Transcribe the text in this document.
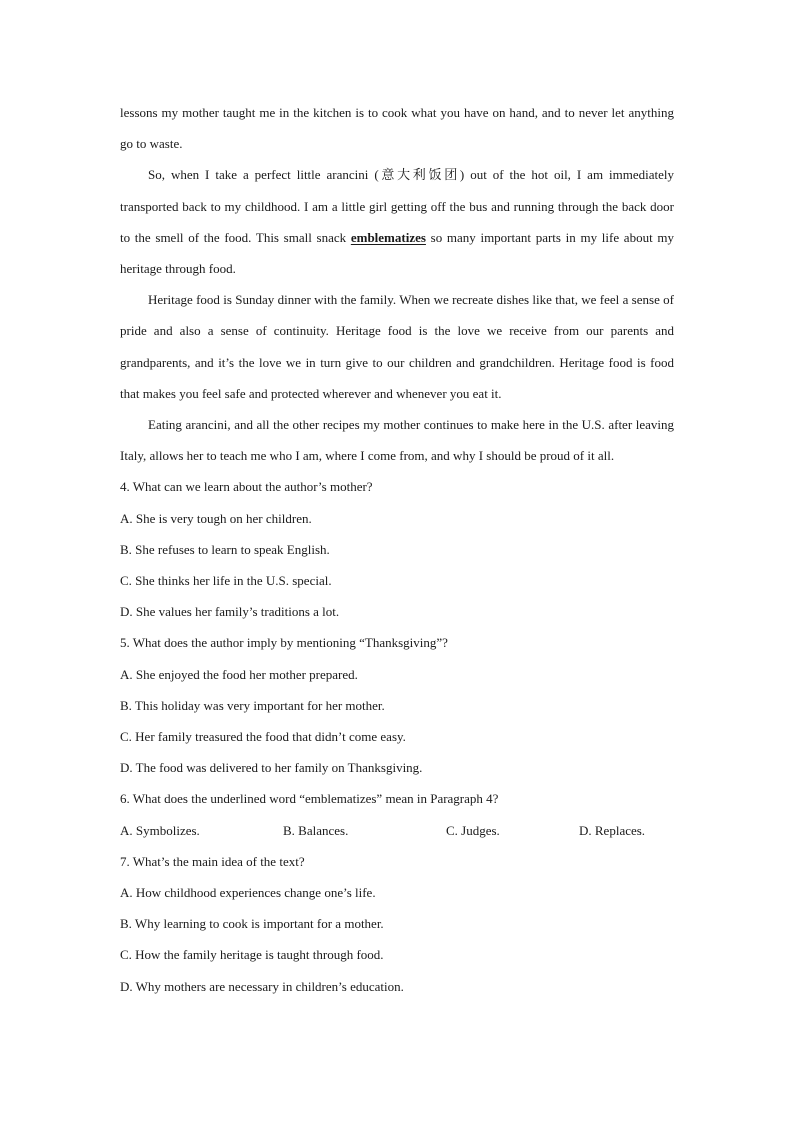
lessons my mother taught me in the kitchen is to cook what you have on hand, and to never let anything go to waste.

So, when I take a perfect little arancini (意大利饭团) out of the hot oil, I am immediately transported back to my childhood. I am a little girl getting off the bus and running through the back door to the smell of the food. This small snack emblematizes so many important parts in my life about my heritage through food.

Heritage food is Sunday dinner with the family. When we recreate dishes like that, we feel a sense of pride and also a sense of continuity. Heritage food is the love we receive from our parents and grandparents, and it’s the love we in turn give to our children and grandchildren. Heritage food is food that makes you feel safe and protected wherever and whenever you eat it.

Eating arancini, and all the other recipes my mother continues to make here in the U.S. after leaving Italy, allows her to teach me who I am, where I come from, and why I should be proud of it all.

4. What can we learn about the author’s mother?

A. She is very tough on her children.

B. She refuses to learn to speak English.

C. She thinks her life in the U.S. special.

D. She values her family’s traditions a lot.

5. What does the author imply by mentioning “Thanksgiving”?

A. She enjoyed the food her mother prepared.

B. This holiday was very important for her mother.

C. Her family treasured the food that didn’t come easy.

D. The food was delivered to her family on Thanksgiving.

6. What does the underlined word “emblematizes” mean in Paragraph 4?

A. Symbolizes.	B. Balances.	C. Judges.	D. Replaces.

7. What’s the main idea of the text?

A. How childhood experiences change one’s life.

B. Why learning to cook is important for a mother.

C. How the family heritage is taught through food.

D. Why mothers are necessary in children’s education.
